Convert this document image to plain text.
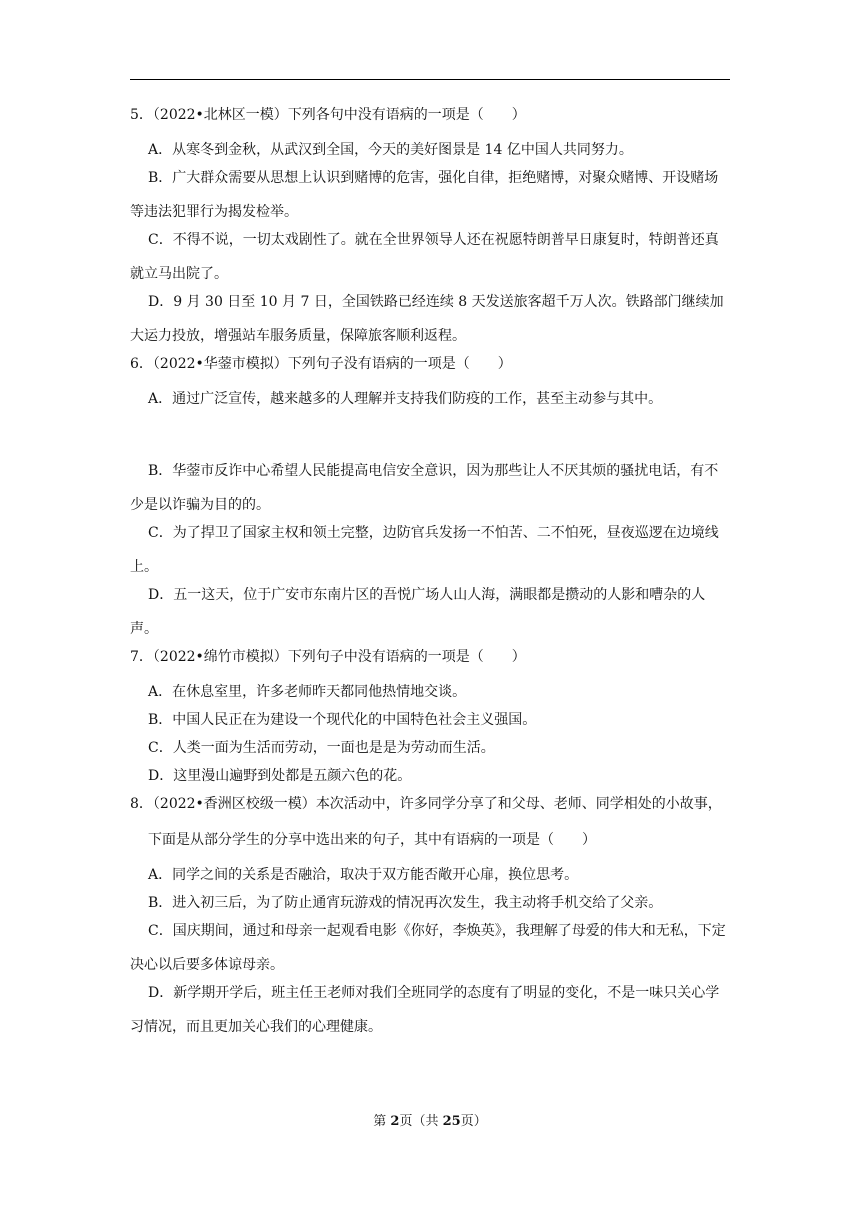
5．（2022•北林区一模）下列各句中没有语病的一项是（　　）
A．从寒冬到金秋，从武汉到全国，今天的美好图景是 14 亿中国人共同努力。
B．广大群众需要从思想上认识到赌博的危害，强化自律，拒绝赌博，对聚众赌博、开设赌场等违法犯罪行为揭发检举。
C．不得不说，一切太戏剧性了。就在全世界领导人还在祝愿特朗普早日康复时，特朗普还真就立马出院了。
D．9 月 30 日至 10 月 7 日，全国铁路已经连续 8 天发送旅客超千万人次。铁路部门继续加大运力投放，增强站车服务质量，保障旅客顺利返程。
6．（2022•华蓥市模拟）下列句子没有语病的一项是（　　）
A．通过广泛宣传，越来越多的人理解并支持我们防疫的工作，甚至主动参与其中。
B．华蓥市反诈中心希望人民能提高电信安全意识，因为那些让人不厌其烦的骚扰电话，有不少是以诈骗为目的的。
C．为了捍卫了国家主权和领土完整，边防官兵发扬一不怕苦、二不怕死，昼夜巡逻在边境线上。
D．五一这天，位于广安市东南片区的吾悦广场人山人海，满眼都是攒动的人影和嘈杂的人声。
7．（2022•绵竹市模拟）下列句子中没有语病的一项是（　　）
A．在休息室里，许多老师昨天都同他热情地交谈。
B．中国人民正在为建设一个现代化的中国特色社会主义强国。
C．人类一面为生活而劳动，一面也是是为劳动而生活。
D．这里漫山遍野到处都是五颜六色的花。
8．（2022•香洲区校级一模）本次活动中，许多同学分享了和父母、老师、同学相处的小故事，下面是从部分学生的分享中选出来的句子，其中有语病的一项是（　　）
A．同学之间的关系是否融洽，取决于双方能否敞开心扉，换位思考。
B．进入初三后，为了防止通宵玩游戏的情况再次发生，我主动将手机交给了父亲。
C．国庆期间，通过和母亲一起观看电影《你好，李焕英》，我理解了母爱的伟大和无私，下定决心以后要多体谅母亲。
D．新学期开学后，班主任王老师对我们全班同学的态度有了明显的变化，不是一味只关心学习情况，而且更加关心我们的心理健康。
第 2页（共 25页）
